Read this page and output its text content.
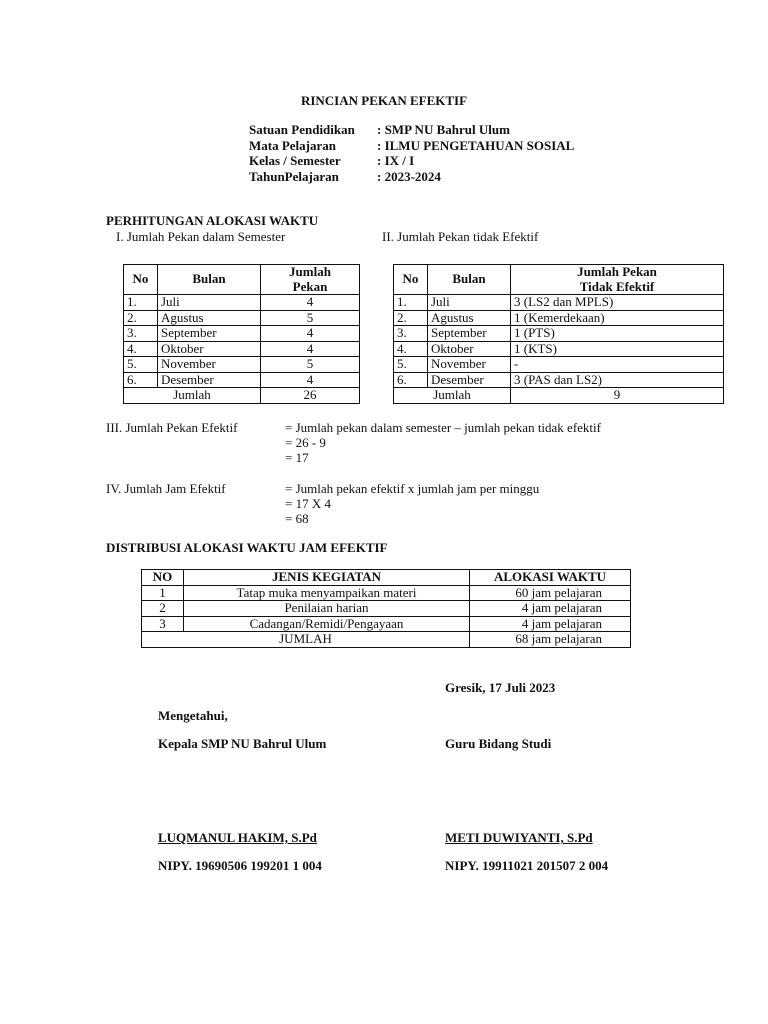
RINCIAN PEKAN EFEKTIF
Satuan Pendidikan	: SMP NU Bahrul Ulum
Mata Pelajaran	: ILMU PENGETAHUAN SOSIAL
Kelas / Semester	: IX / I
TahunPelajaran	: 2023-2024
PERHITUNGAN ALOKASI WAKTU
I. Jumlah Pekan dalam Semester	II. Jumlah Pekan tidak Efektif
No	Bulan	Jumlah
Pekan
1.	Juli	4
2.	Agustus	5
3.	September	4
4.	Oktober	4
5.	November	5
6.	Desember	4
Jumlah		26
No	Bulan	Jumlah Pekan
Tidak Efektif
1.	Juli	3 (LS2 dan MPLS)
2.	Agustus	1 (Kemerdekaan)
3.	September	1 (PTS)
4.	Oktober	1 (KTS)
5.	November	-
6.	Desember	3 (PAS dan LS2)
Jumlah		9
III. Jumlah Pekan Efektif	= Jumlah pekan dalam semester – jumlah pekan tidak efektif
= 26 - 9
= 17
IV. Jumlah Jam Efektif	= Jumlah pekan efektif x jumlah jam per minggu
= 17 X 4
= 68
DISTRIBUSI ALOKASI WAKTU JAM EFEKTIF
NO	JENIS KEGIATAN	ALOKASI WAKTU
1	Tatap muka menyampaikan materi	60 jam pelajaran
2	Penilaian harian	4 jam pelajaran
3	Cadangan/Remidi/Pengayaan	4 jam pelajaran
JUMLAH		68 jam pelajaran
Gresik, 17 Juli 2023
Mengetahui,
Kepala SMP NU Bahrul Ulum	Guru Bidang Studi
LUQMANUL HAKIM, S.Pd	METI DUWIYANTI, S.Pd
NIPY. 19690506 199201 1 004	NIPY. 19911021 201507 2 004
